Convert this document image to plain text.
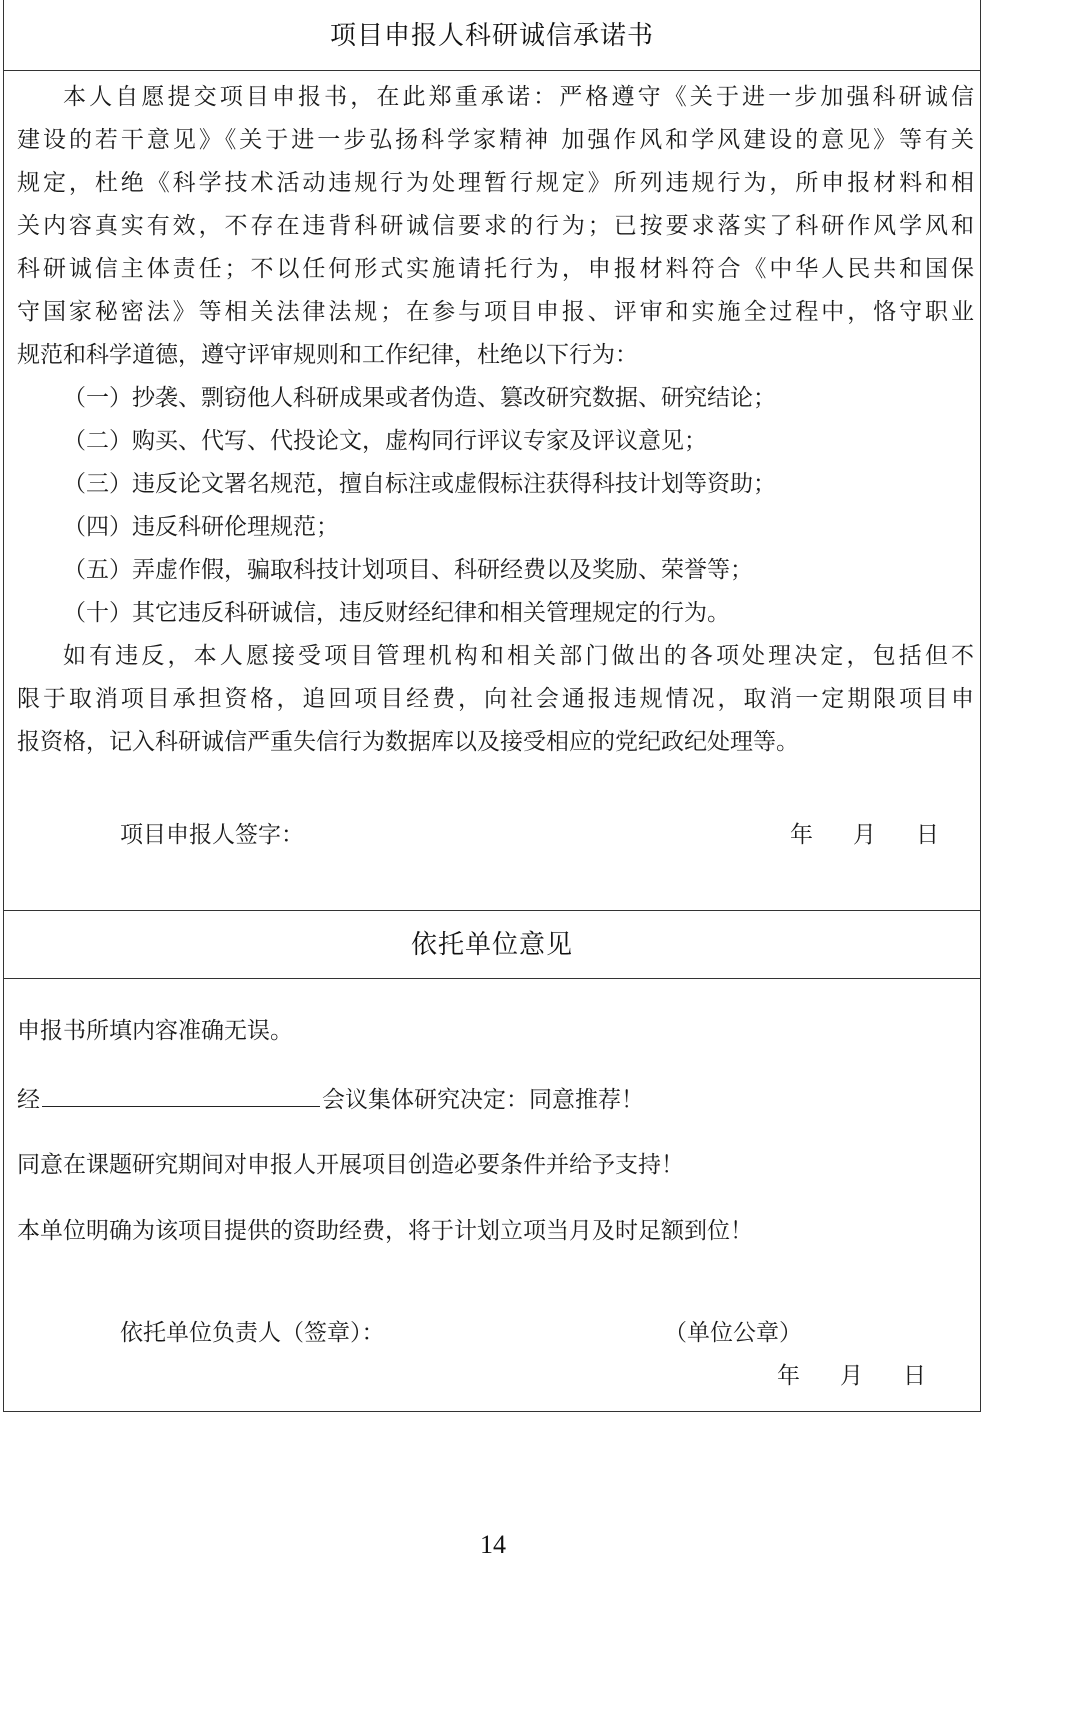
项目申报人科研诚信承诺书
本人自愿提交项目申报书，在此郑重承诺：严格遵守《关于进一步加强科研诚信
建设的若干意见》《关于进一步弘扬科学家精神 加强作风和学风建设的意见》等有关
规定，杜绝《科学技术活动违规行为处理暂行规定》所列违规行为，所申报材料和相
关内容真实有效，不存在违背科研诚信要求的行为；已按要求落实了科研作风学风和
科研诚信主体责任；不以任何形式实施请托行为，申报材料符合《中华人民共和国保
守国家秘密法》等相关法律法规；在参与项目申报、评审和实施全过程中，恪守职业
规范和科学道德，遵守评审规则和工作纪律，杜绝以下行为：
（一）抄袭、剽窃他人科研成果或者伪造、篡改研究数据、研究结论；
（二）购买、代写、代投论文，虚构同行评议专家及评议意见；
（三）违反论文署名规范，擅自标注或虚假标注获得科技计划等资助；
（四）违反科研伦理规范；
（五）弄虚作假，骗取科技计划项目、科研经费以及奖励、荣誉等；
（十）其它违反科研诚信，违反财经纪律和相关管理规定的行为。
如有违反，本人愿接受项目管理机构和相关部门做出的各项处理决定，包括但不
限于取消项目承担资格，追回项目经费，向社会通报违规情况，取消一定期限项目申
报资格，记入科研诚信严重失信行为数据库以及接受相应的党纪政纪处理等。
项目申报人签字：	年 月 日
依托单位意见
申报书所填内容准确无误。
经	会议集体研究决定：同意推荐！
同意在课题研究期间对申报人开展项目创造必要条件并给予支持！
本单位明确为该项目提供的资助经费，将于计划立项当月及时足额到位！
依托单位负责人（签章）：	（单位公章）
年 月 日
14
